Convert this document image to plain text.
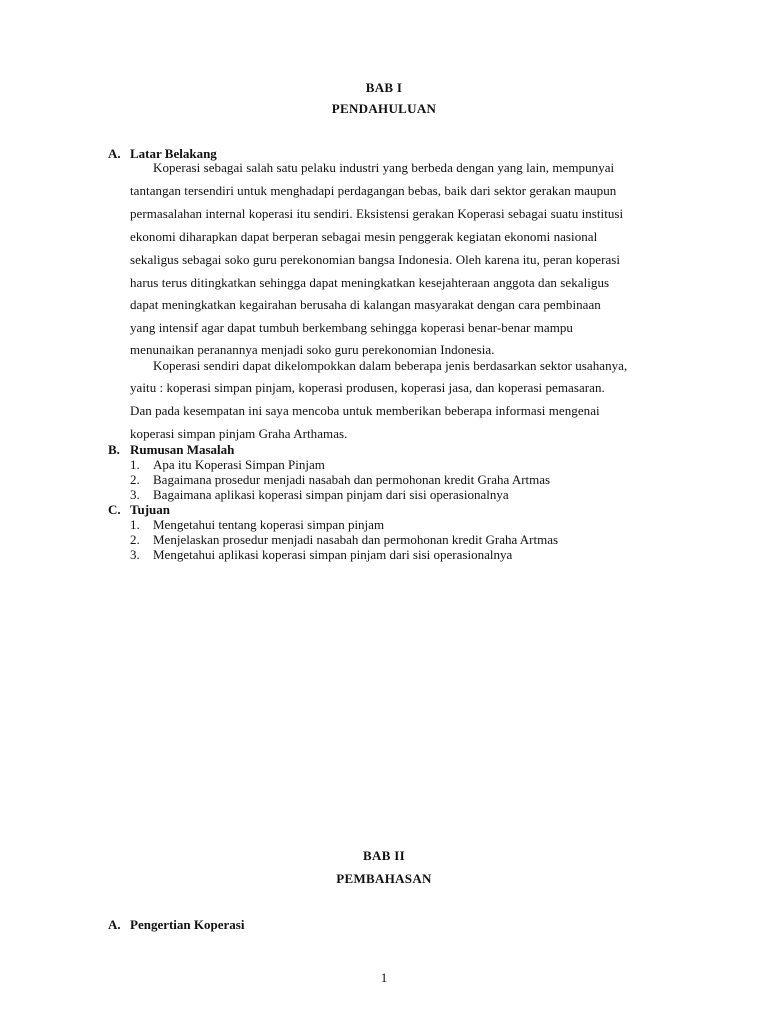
BAB I
PENDAHULUAN
A. Latar Belakang
Koperasi sebagai salah satu pelaku industri yang berbeda dengan yang lain, mempunyai
tantangan tersendiri untuk menghadapi perdagangan bebas, baik dari sektor gerakan maupun
permasalahan internal koperasi itu sendiri. Eksistensi gerakan Koperasi sebagai suatu institusi
ekonomi diharapkan dapat berperan sebagai mesin penggerak kegiatan ekonomi nasional
sekaligus sebagai soko guru perekonomian bangsa Indonesia. Oleh karena itu, peran koperasi
harus terus ditingkatkan sehingga dapat meningkatkan kesejahteraan anggota dan sekaligus
dapat meningkatkan kegairahan berusaha di kalangan masyarakat dengan cara pembinaan
yang intensif agar dapat tumbuh berkembang sehingga koperasi benar-benar mampu
menunaikan peranannya menjadi soko guru perekonomian Indonesia.
Koperasi sendiri dapat dikelompokkan dalam beberapa jenis berdasarkan sektor usahanya,
yaitu : koperasi simpan pinjam, koperasi produsen, koperasi jasa, dan koperasi pemasaran.
Dan pada kesempatan ini saya mencoba untuk memberikan beberapa informasi mengenai
koperasi simpan pinjam Graha Arthamas.
B. Rumusan Masalah
1. Apa itu Koperasi Simpan Pinjam
2. Bagaimana prosedur menjadi nasabah dan permohonan kredit Graha Artmas
3. Bagaimana aplikasi koperasi simpan pinjam dari sisi operasionalnya
C. Tujuan
1. Mengetahui tentang koperasi simpan pinjam
2. Menjelaskan prosedur menjadi nasabah dan permohonan kredit Graha Artmas
3. Mengetahui aplikasi koperasi simpan pinjam dari sisi operasionalnya
BAB II
PEMBAHASAN
A. Pengertian Koperasi
1
